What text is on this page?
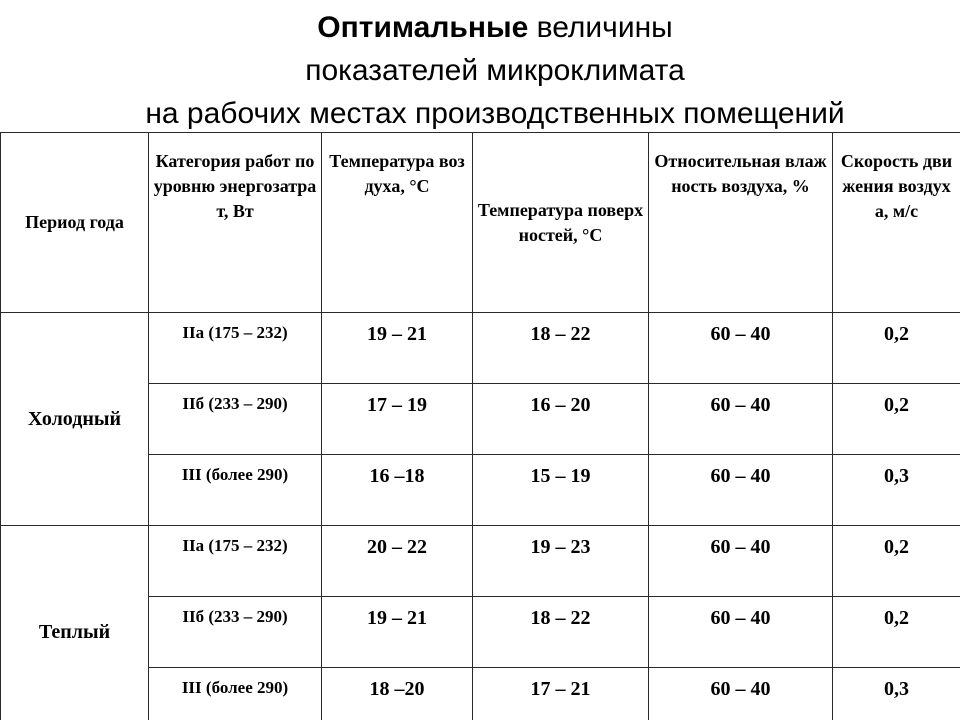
Оптимальные величины
показателей микроклимата
на рабочих местах производственных помещений
Период года	Категория работ по уровню энергозатрат, Вт	Температура воздуха, °С	Температура поверхностей, °С	Относительная влажность воздуха, %	Скорость движения воздуха, м/с

Холодный	IIа (175 – 232)	19 – 21	18 – 22	60 – 40	0,2
	IIб (233 – 290)	17 – 19	16 – 20	60 – 40	0,2
	III (более 290)	16 –18	15 – 19	60 – 40	0,3
Теплый	IIа (175 – 232)	20 – 22	19 – 23	60 – 40	0,2
	IIб (233 – 290)	19 – 21	18 – 22	60 – 40	0,2
	III (более 290)	18 –20	17 – 21	60 – 40	0,3
